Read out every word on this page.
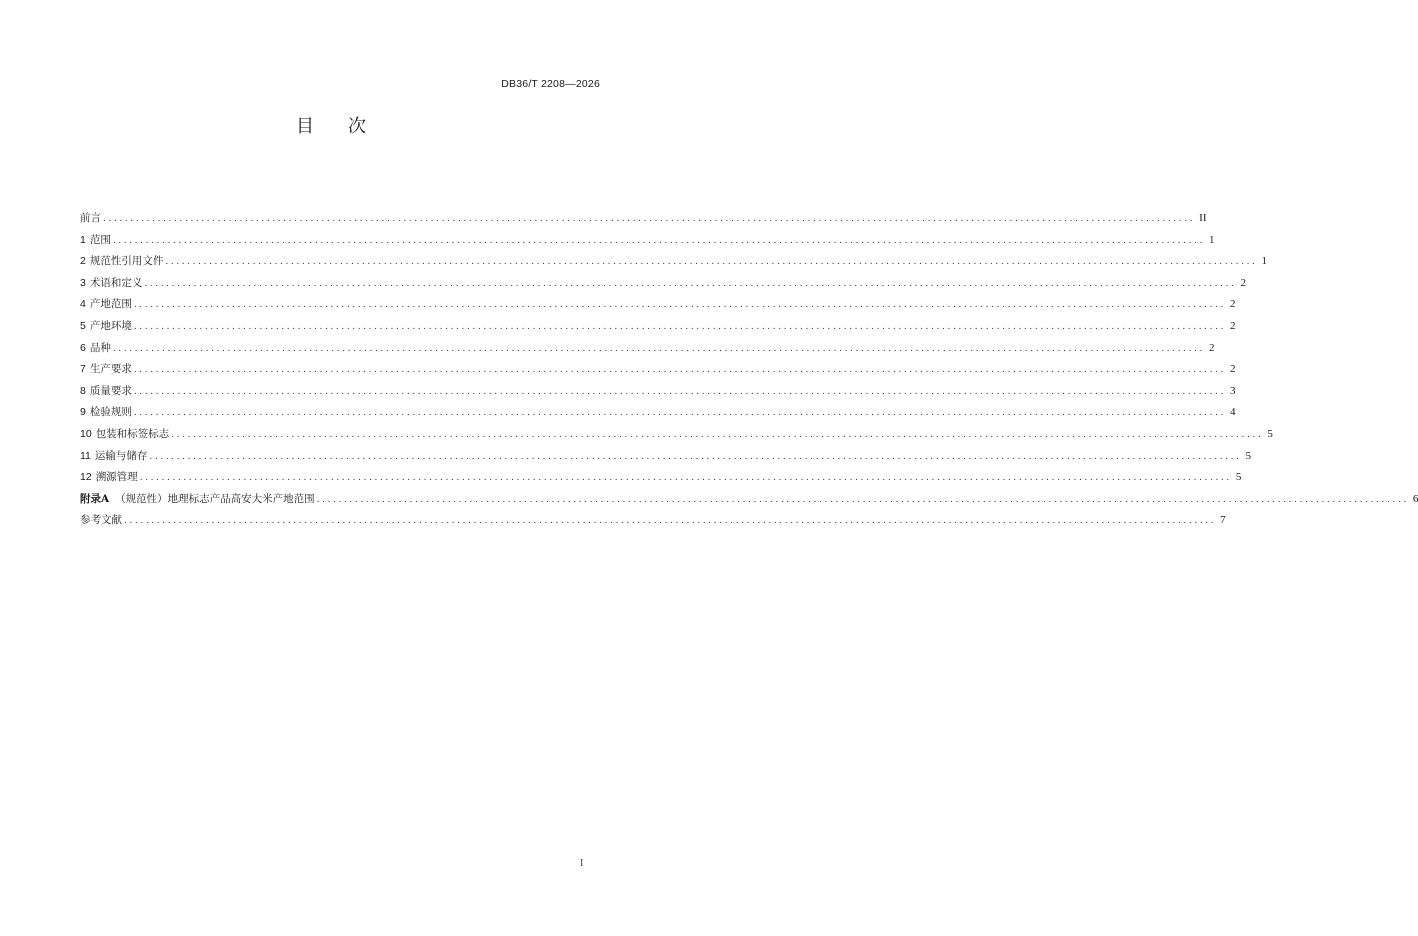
DB36/T 2208—2026
目 次
前言 ........................................................................................................................................................................................................ II
1 范围 ........................................................................................................................................................................................................ 1
2 规范性引用文件 ........................................................................................................................................................................................................ 1
3 术语和定义 ........................................................................................................................................................................................................ 2
4 产地范围 ........................................................................................................................................................................................................ 2
5 产地环境 ........................................................................................................................................................................................................ 2
6 品种 ........................................................................................................................................................................................................ 2
7 生产要求 ........................................................................................................................................................................................................ 2
8 质量要求 ........................................................................................................................................................................................................ 3
9 检验规则 ........................................................................................................................................................................................................ 4
10 包装和标签标志 ........................................................................................................................................................................................................ 5
11 运输与储存 ........................................................................................................................................................................................................ 5
12 溯源管理 ........................................................................................................................................................................................................ 5
附录A （规范性）地理标志产品高安大米产地范围 ........................................................................................................................................................................................................ 6
参考文献 ........................................................................................................................................................................................................ 7
I
